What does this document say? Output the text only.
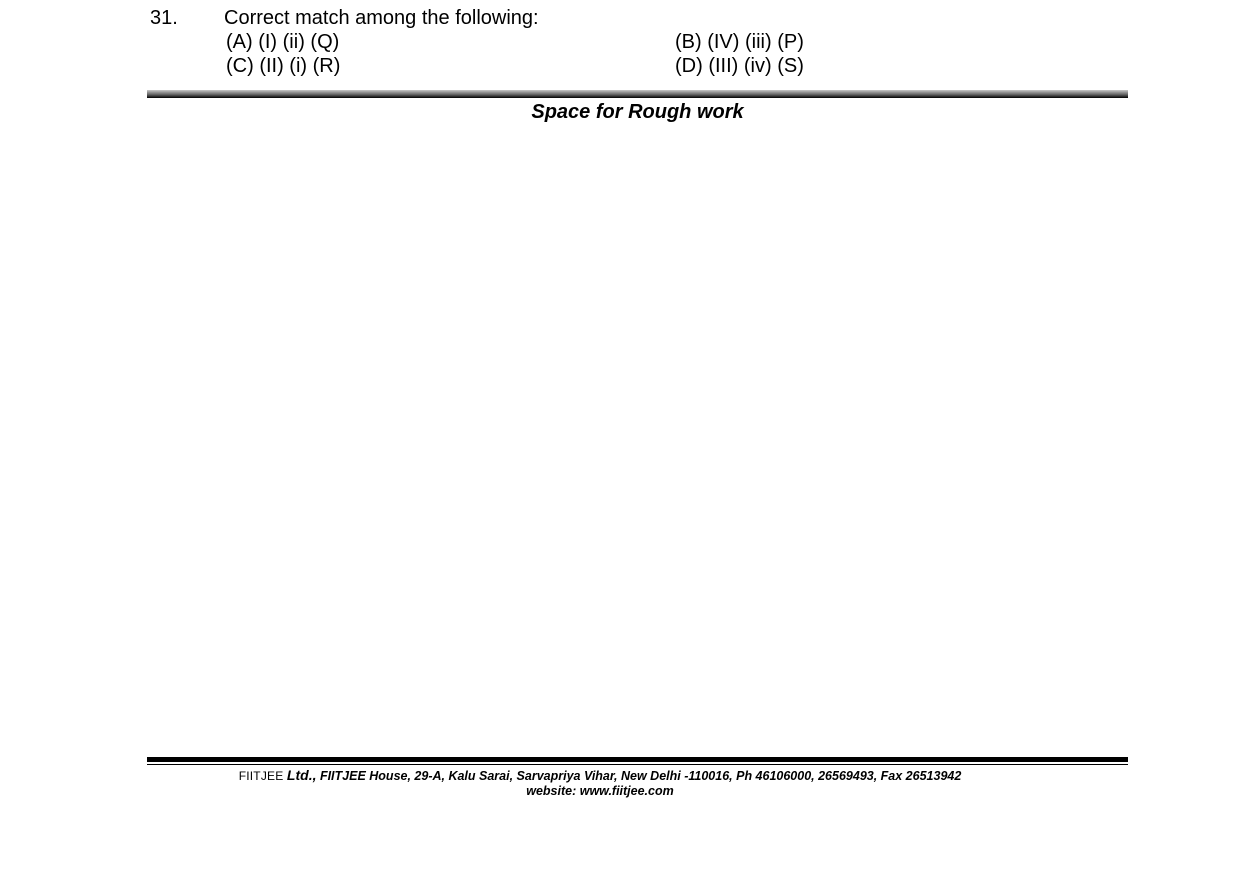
31. Correct match among the following:
(A) (I) (ii) (Q)	(B) (IV) (iii) (P)
(C) (II) (i) (R)	(D) (III) (iv) (S)
Space for Rough work
FIITJEE Ltd., FIITJEE House, 29-A, Kalu Sarai, Sarvapriya Vihar, New Delhi -110016, Ph 46106000, 26569493, Fax 26513942
website: www.fiitjee.com
